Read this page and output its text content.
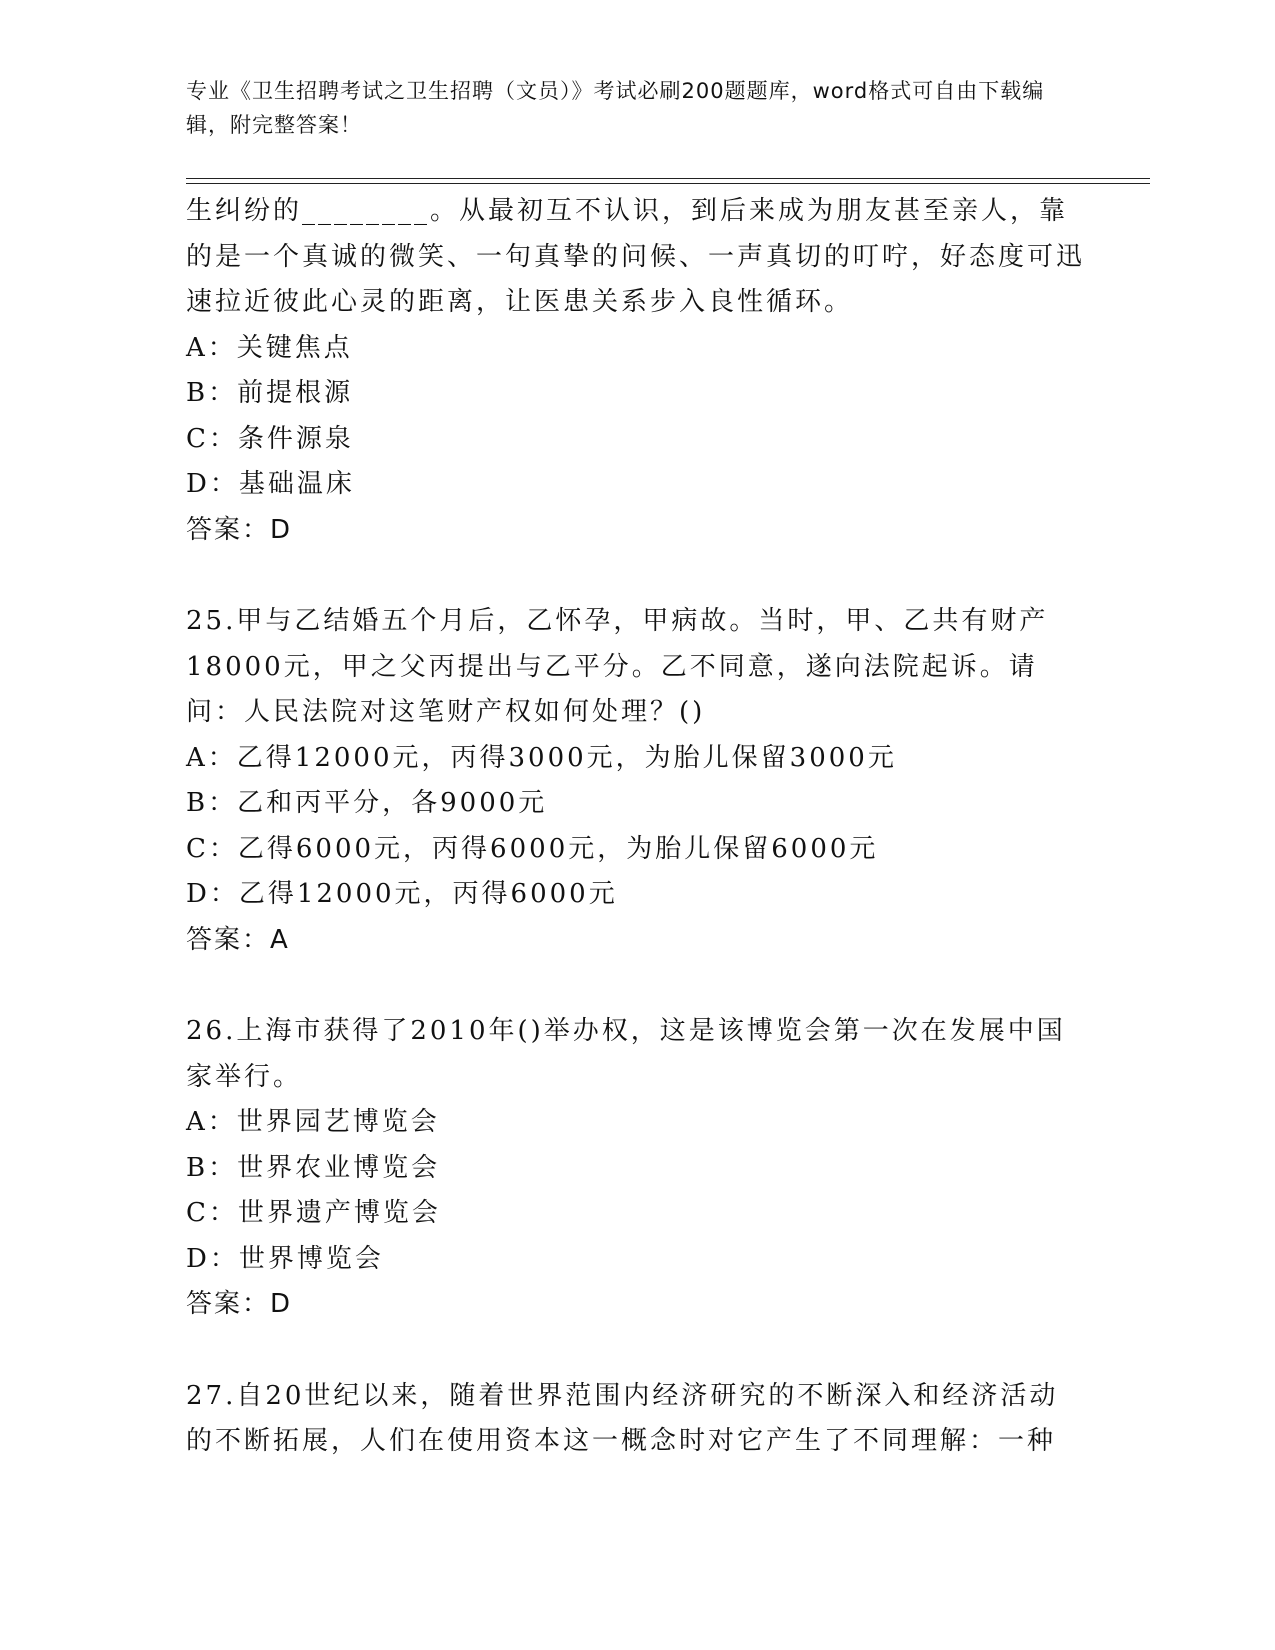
专业《卫生招聘考试之卫生招聘（文员）》考试必刷200题题库，word格式可自由下载编辑，附完整答案！
生纠纷的________。从最初互不认识，到后来成为朋友甚至亲人，靠的是一个真诚的微笑、一句真挚的问候、一声真切的叮咛，好态度可迅速拉近彼此心灵的距离，让医患关系步入良性循环。
A：关键焦点
B：前提根源
C：条件源泉
D：基础温床
答案：D
25.甲与乙结婚五个月后，乙怀孕，甲病故。当时，甲、乙共有财产18000元，甲之父丙提出与乙平分。乙不同意，遂向法院起诉。请问：人民法院对这笔财产权如何处理？()
A：乙得12000元，丙得3000元，为胎儿保留3000元
B：乙和丙平分，各9000元
C：乙得6000元，丙得6000元，为胎儿保留6000元
D：乙得12000元，丙得6000元
答案：A
26.上海市获得了2010年()举办权，这是该博览会第一次在发展中国家举行。
A：世界园艺博览会
B：世界农业博览会
C：世界遗产博览会
D：世界博览会
答案：D
27.自20世纪以来，随着世界范围内经济研究的不断深入和经济活动的不断拓展，人们在使用资本这一概念时对它产生了不同理解：一种
